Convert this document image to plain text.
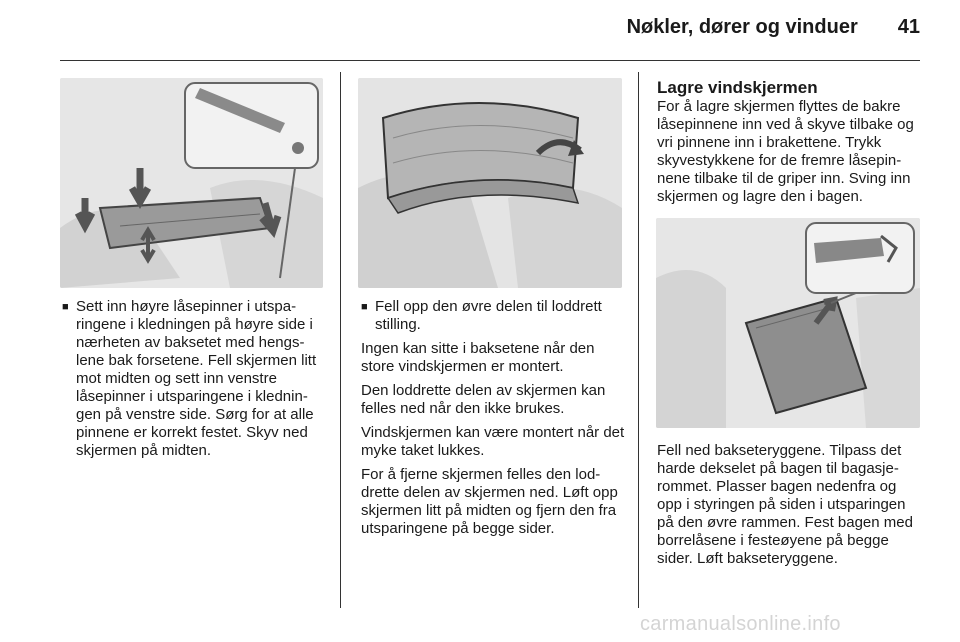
Nøkler, dører og vinduer 41
■ Sett inn høyre låsepinner i utspa-ringene i kledningen på høyre side i nærheten av baksetet med hengs-lene bak forsetene. Fell skjermen litt mot midten og sett inn venstre låsepinner i utsparingene i klednin-gen på venstre side. Sørg for at alle pinnene er korrekt festet. Skyv ned skjermen på midten.
■ Fell opp den øvre delen til loddrett stilling.

Ingen kan sitte i baksetene når den store vindskjermen er montert.

Den loddrette delen av skjermen kan felles ned når den ikke brukes.

Vindskjermen kan være montert når det myke taket lukkes.

For å fjerne skjermen felles den lod-drette delen av skjermen ned. Løft opp skjermen litt på midten og fjern den fra utsparingene på begge sider.

Lagre vindskjermen

For å lagre skjermen flyttes de bakre låsepinnene inn ved å skyve tilbake og vri pinnene inn i brakettene. Trykk skyvestykkene for de fremre låsepin-nene tilbake til de griper inn. Sving inn skjermen og lagre den i bagen.

Fell ned bakseteryggene. Tilpass det harde dekselet på bagen til bagasje-rommet. Plasser bagen nedenfra og opp i styringen på siden i utsparingen på den øvre rammen. Fest bagen med borrelåsene i festeøyene på begge sider. Løft bakseteryggene.

carmanualsonline.info
